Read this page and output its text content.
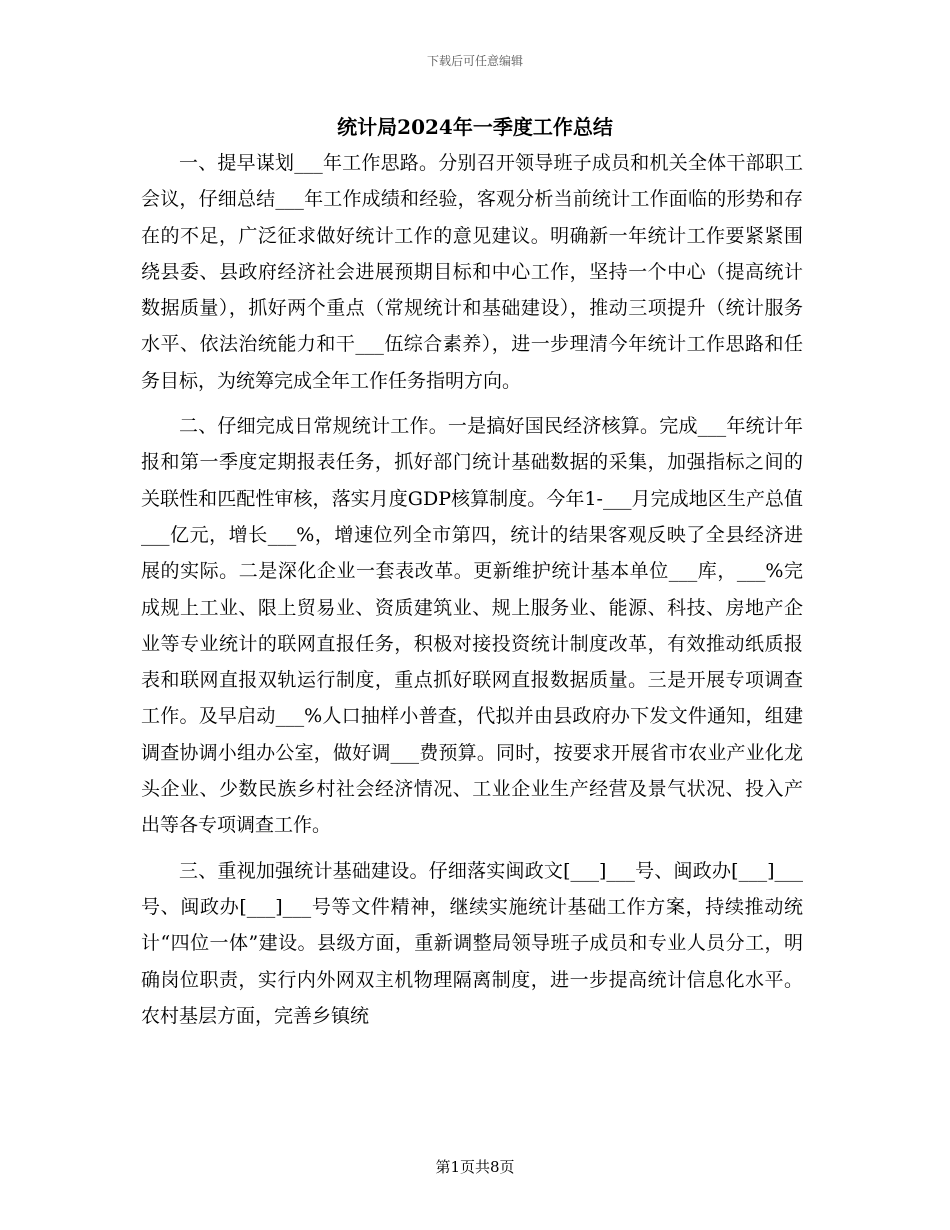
下载后可任意编辑
统计局2024年一季度工作总结

一、提早谋划___年工作思路。分别召开领导班子成员和机关全体干部职工会议，仔细总结___年工作成绩和经验，客观分析当前统计工作面临的形势和存在的不足，广泛征求做好统计工作的意见建议。明确新一年统计工作要紧紧围绕县委、县政府经济社会进展预期目标和中心工作，坚持一个中心（提高统计数据质量），抓好两个重点（常规统计和基础建设），推动三项提升（统计服务水平、依法治统能力和干___伍综合素养），进一步理清今年统计工作思路和任务目标，为统筹完成全年工作任务指明方向。

二、仔细完成日常规统计工作。一是搞好国民经济核算。完成___年统计年报和第一季度定期报表任务，抓好部门统计基础数据的采集，加强指标之间的关联性和匹配性审核，落实月度GDP核算制度。今年1-___月完成地区生产总值___亿元，增长___%，增速位列全市第四，统计的结果客观反映了全县经济进展的实际。二是深化企业一套表改革。更新维护统计基本单位___库，___%完成规上工业、限上贸易业、资质建筑业、规上服务业、能源、科技、房地产企业等专业统计的联网直报任务，积极对接投资统计制度改革，有效推动纸质报表和联网直报双轨运行制度，重点抓好联网直报数据质量。三是开展专项调查工作。及早启动___%人口抽样小普查，代拟并由县政府办下发文件通知，组建调查协调小组办公室，做好调___费预算。同时，按要求开展省市农业产业化龙头企业、少数民族乡村社会经济情况、工业企业生产经营及景气状况、投入产出等各专项调查工作。

三、重视加强统计基础建设。仔细落实闽政文[___]___号、闽政办[___]___号、闽政办[___]___号等文件精神，继续实施统计基础工作方案，持续推动统计“四位一体”建设。县级方面，重新调整局领导班子成员和专业人员分工，明确岗位职责，实行内外网双主机物理隔离制度，进一步提高统计信息化水平。农村基层方面，完善乡镇统

第1页共8页
